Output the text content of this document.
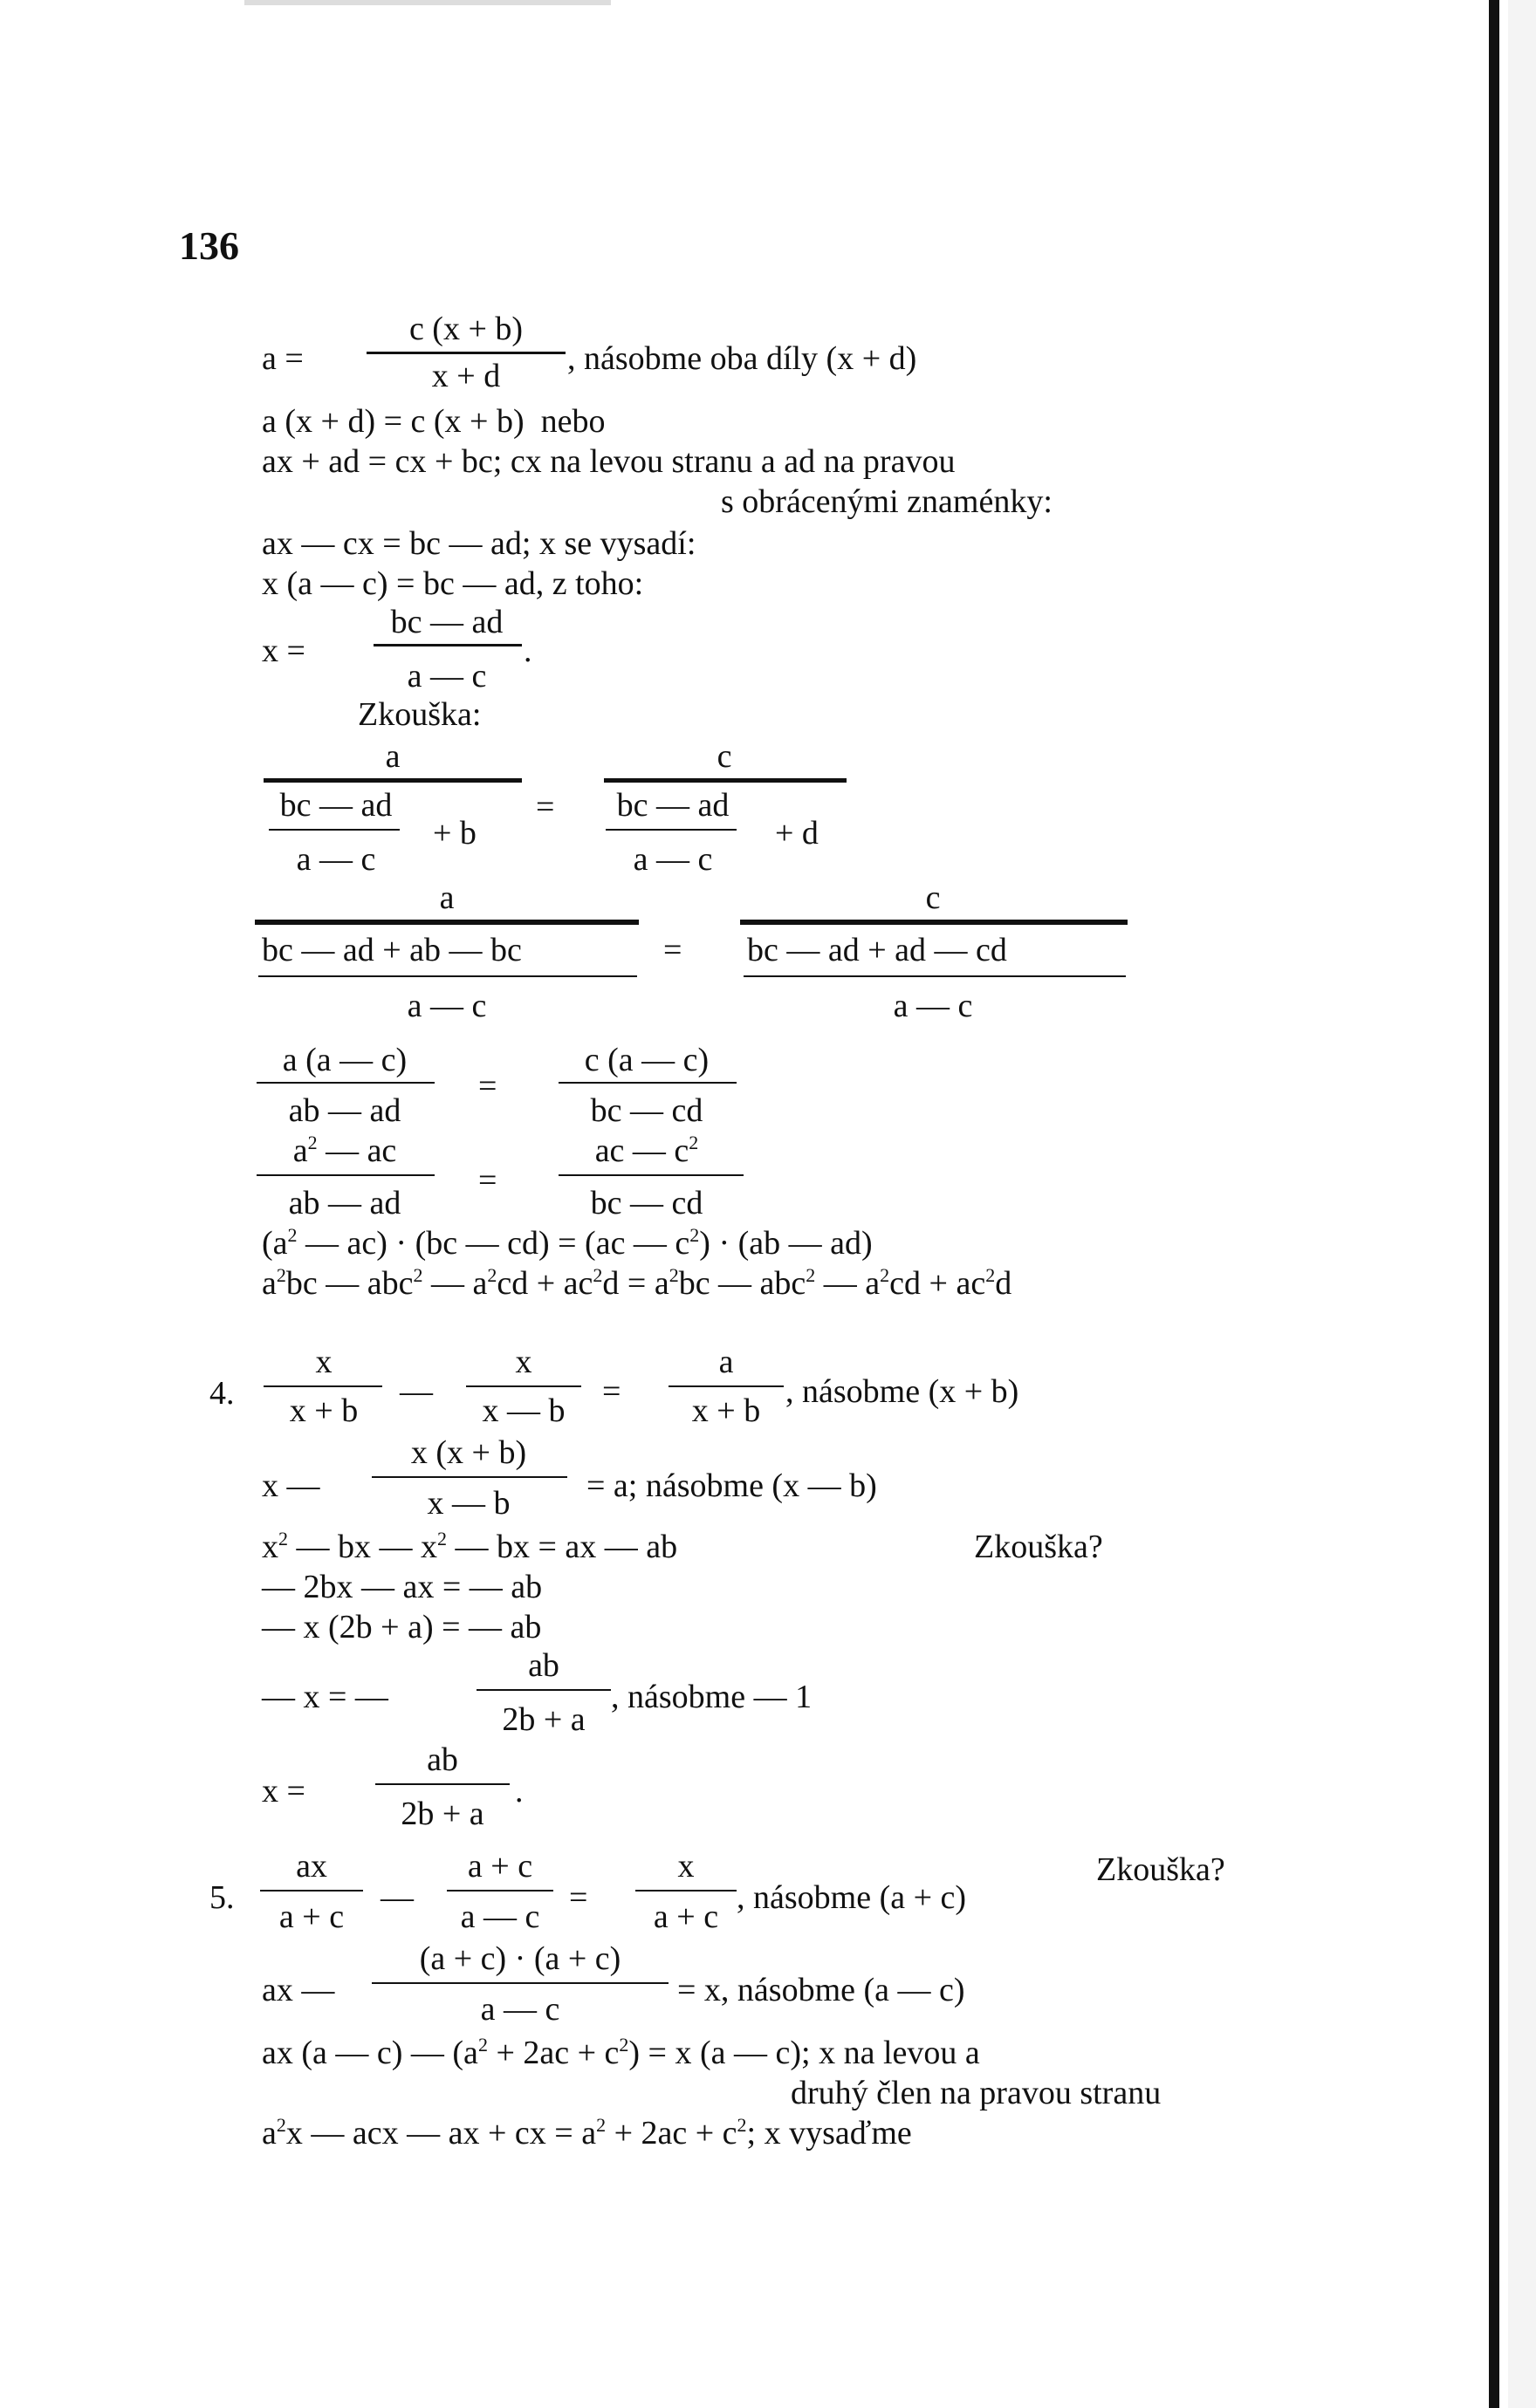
136
a =
c (x + b)
x + d	, násobme oba díly (x + d)
a (x + d) = c (x + b)  nebo
ax + ad = cx + bc; cx na levou stranu a ad na pravou
s obrácenými znaménky:
ax — cx = bc — ad; x se vysadí:
x (a — c) = bc — ad, z toho:
x =
bc — ad
a — c
.
Zkouška:
a
bc — ad
a — c
+ b
=
c
bc — ad
a — c
+ d
a
bc — ad + ab — bc
a — c
=
c
bc — ad + ad — cd
a — c
a (a — c)
ab — ad
=
c (a — c)
bc — cd
$a^2$ — ac
ab — ad
=
ac — $c^2$
bc — cd
($a^2$ — ac) · (bc — cd) = (ac — $c^2) \cdot (ab$ — ad)
$a^2bc$ — abc$^2$ — $a^2cd + ac^2d = a^2bc$ — abc$^2$ — $a^2cd + ac^2d$
4.
x
x + b
—
x
x — b
=
a
x + b
, násobme (x + b)
x —
x (x + b)
x — b	= a; násobme (x — b)
$x^2$ — bx — $x^2$ — bx = ax — ab	Zkouška?
— 2bx — ax = — ab
— x (2b + a) = — ab
— x = —
ab
2b + a
, násobme — 1
x =
ab
2b + a
.
5.
ax
a + c
—
a + c
a — c
=
x
a + c
, násobme (a + c)
Zkouška?
ax —
(a + c) · (a + c)
a — c
= x, násobme (a — c)
ax (a — c) — $(a^2 + 2ac + c^2) = x$ (a — c); x na levou a
druhý člen na pravou stranu
$a^2x$ — acx — ax + cx = $a^2 + 2ac + c^2$; x vysaďme
